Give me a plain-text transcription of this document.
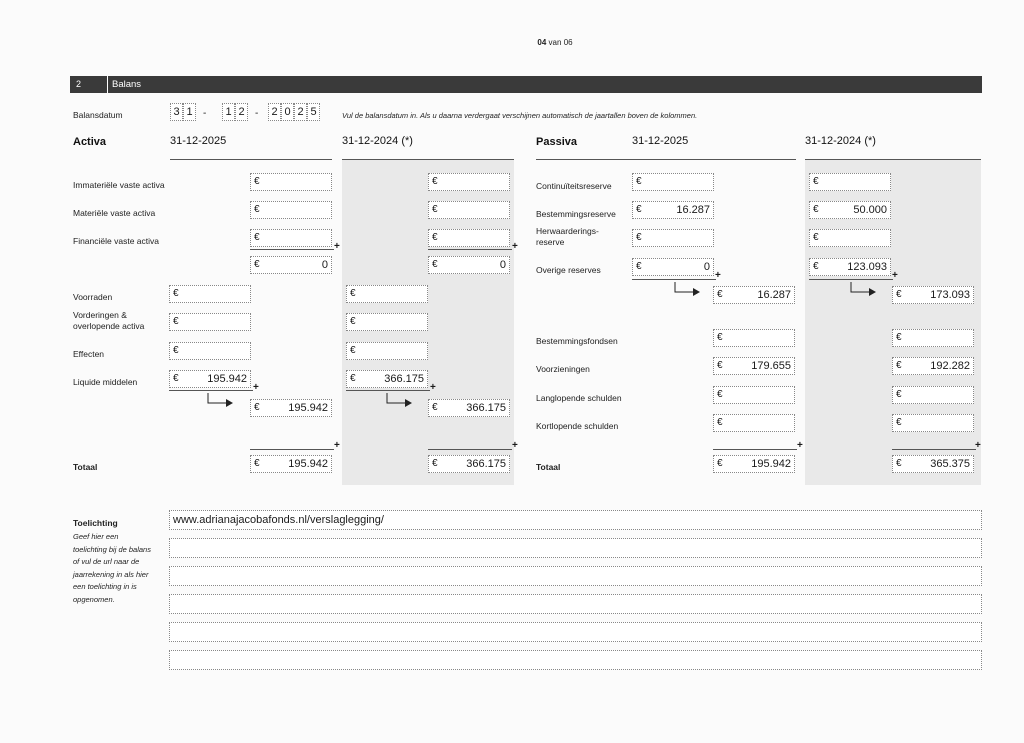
04 van 06
2	Balans
Balansdatum	3 1	-	1 2	-	2 0 2 5	Vul de balansdatum in. Als u daarna verdergaat verschijnen automatisch de jaartallen boven de kolommen.
Activa	31-12-2025	31-12-2024 (*)	Passiva	31-12-2025	31-12-2024 (*)
Immateriële vaste activa	€	€
Materiële vaste activa	€	€
Financiële vaste activa	€	€
+	+
€	0	€	0
Voorraden	€	€
Vorderingen & overlopende activa	€	€
Effecten	€	€
Liquide middelen	€	195.942	€	366.175
+	+
€	195.942	€	366.175
+	+
Totaal	€	195.942	€	366.175
Continuïteitsreserve €	€
Bestemmingsreserve €	16.287	€	50.000
Herwaarderings-reserve	€	€
Overige reserves	€	0	€	123.093
+	+
€	16.287	€	173.093
Bestemmingsfondsen	€	€
Voorzieningen	€	179.655	€	192.282
Langlopende schulden	€	€
Kortlopende schulden	€	€
+	+
Totaal	€	195.942	€	365.375
Toelichting
Geef hier een toelichting bij de balans of vul de url naar de jaarrekening in als hier een toelichting in is opgenomen.
www.adrianajacobafonds.nl/verslaglegging/
